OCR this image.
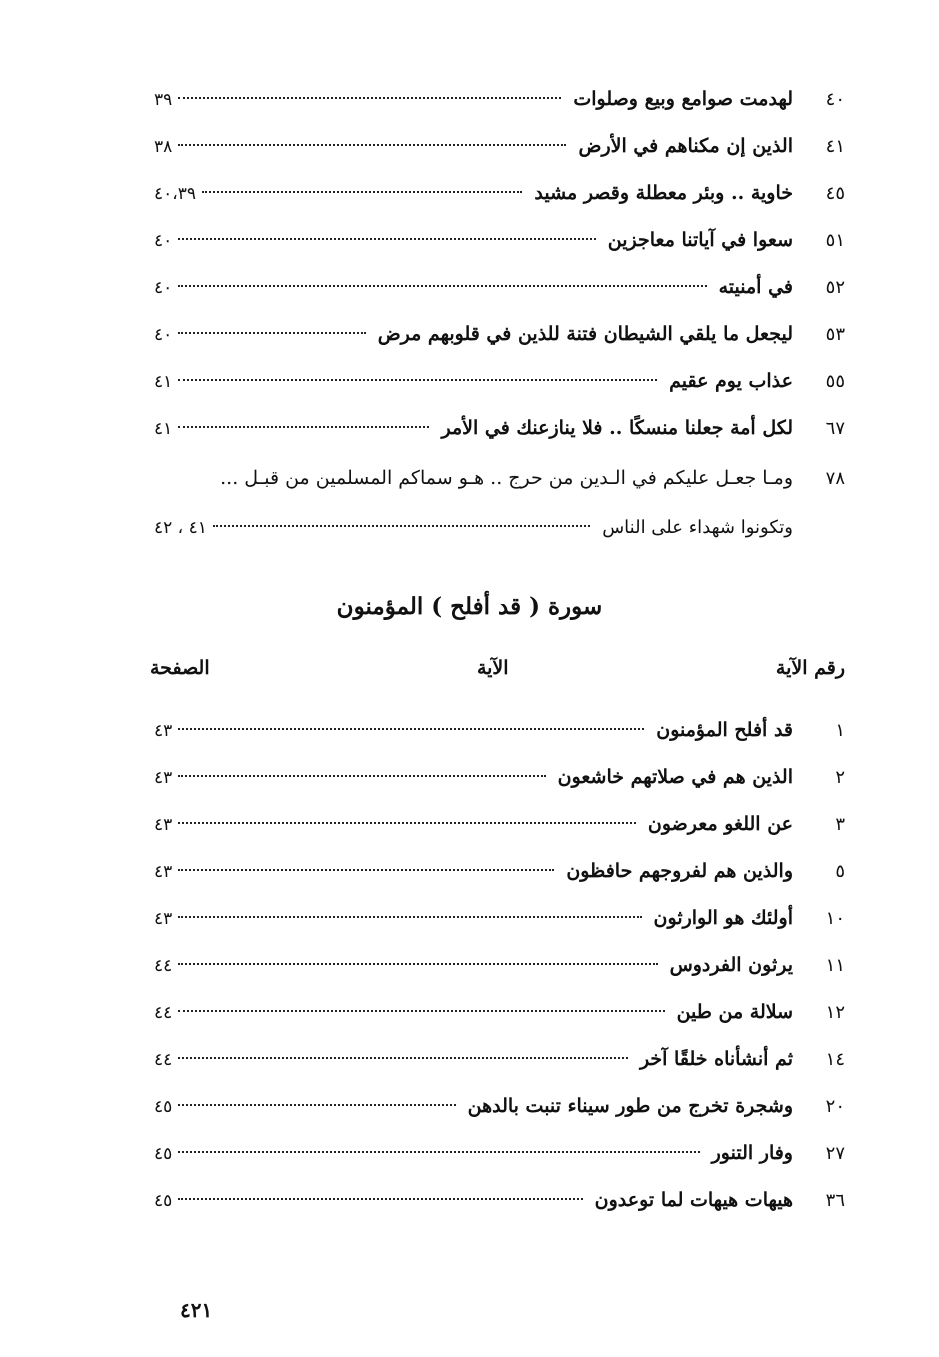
٤٠
لهدمت صوامع وبيع وصلوات
٣٩
٤١
الذين إن مكناهم في الأرض
٣٨
٤٥
خاوية .. وبئر معطلة وقصر مشيد
٤٠،٣٩
٥١
سعوا في آياتنا معاجزين
٤٠
٥٢
في أمنيته
٤٠
٥٣
ليجعل ما يلقي الشيطان فتنة للذين في قلوبهم مرض
٤٠
٥٥
عذاب يوم عقيم
٤١
٦٧
لكل أمة جعلنا منسكًا .. فلا ينازعنك في الأمر
٤١
٧٨
ومـا جعـل عليكم في الـدين من حرج .. هـو سماكم المسلمين من قبـل ...
وتكونوا شهداء على الناس
٤١ ، ٤٢
سورة ( قد أفلح ) المؤمنون
رقم الآية
الآية
الصفحة
١
قد أفلح المؤمنون
٤٣
٢
الذين هم في صلاتهم خاشعون
٤٣
٣
عن اللغو معرضون
٤٣
٥
والذين هم لفروجهم حافظون
٤٣
١٠
أولئك هو الوارثون
٤٣
١١
يرثون الفردوس
٤٤
١٢
سلالة من طين
٤٤
١٤
ثم أنشأناه خلقًا آخر
٤٤
٢٠
وشجرة تخرج من طور سيناء تنبت بالدهن
٤٥
٢٧
وفار التنور
٤٥
٣٦
هيهات هيهات لما توعدون
٤٥
٤٢١
